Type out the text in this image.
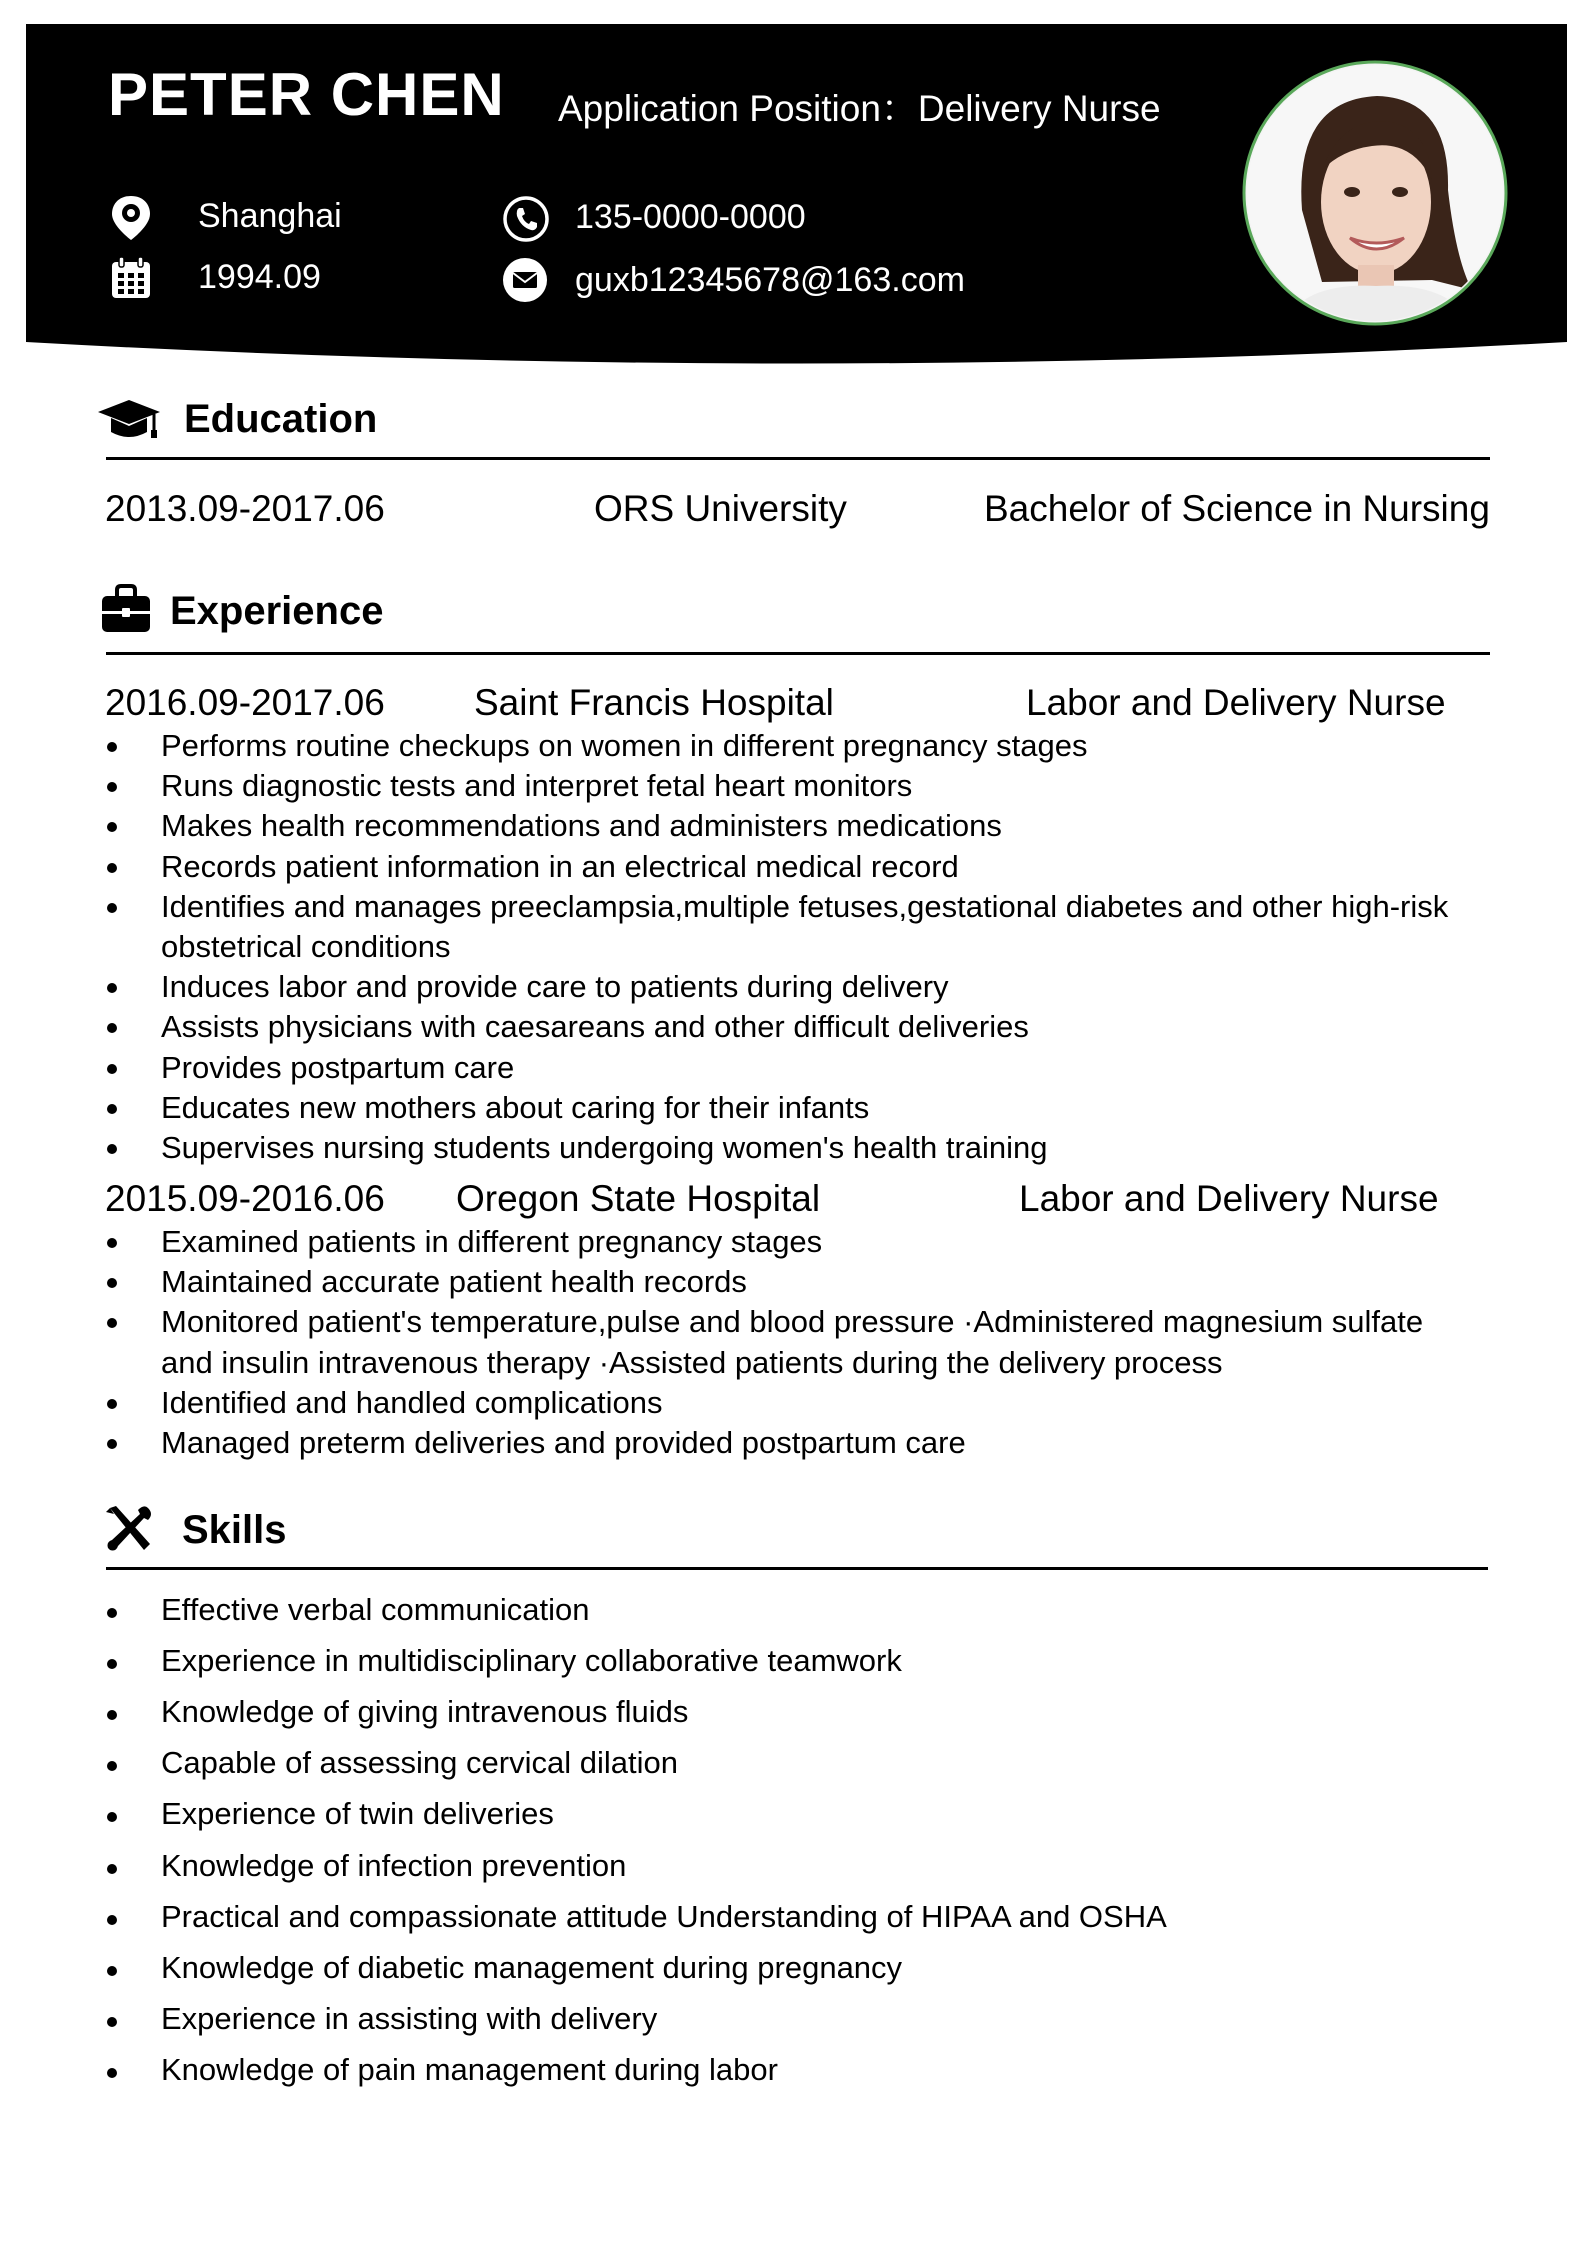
PETER CHEN Application Position：Delivery Nurse
Shanghai
1994.09
135-0000-0000
guxb12345678@163.com
Education
2013.09-2017.06	ORS University	Bachelor of Science in Nursing
Experience
2016.09-2017.06 Saint Francis Hospital	Labor and Delivery Nurse
Performs routine checkups on women in different pregnancy stages
Runs diagnostic tests and interpret fetal heart monitors
Makes health recommendations and administers medications
Records patient information in an electrical medical record
Identifies and manages preeclampsia,multiple fetuses,gestational diabetes and other high-risk
obstetrical conditions
Induces labor and provide care to patients during delivery
Assists physicians with caesareans and other difficult deliveries
Provides postpartum care
Educates new mothers about caring for their infants
Supervises nursing students undergoing women's health training
2015.09-2016.06 Oregon State Hospital	Labor and Delivery Nurse
Examined patients in different pregnancy stages
Maintained accurate patient health records
Monitored patient's temperature,pulse and blood pressure ·Administered magnesium sulfate
and insulin intravenous therapy ·Assisted patients during the delivery process
Identified and handled complications
Managed preterm deliveries and provided postpartum care
Skills
Effective verbal communication
Experience in multidisciplinary collaborative teamwork
Knowledge of giving intravenous fluids
Capable of assessing cervical dilation
Experience of twin deliveries
Knowledge of infection prevention
Practical and compassionate attitude Understanding of HIPAA and OSHA
Knowledge of diabetic management during pregnancy
Experience in assisting with delivery
Knowledge of pain management during labor
